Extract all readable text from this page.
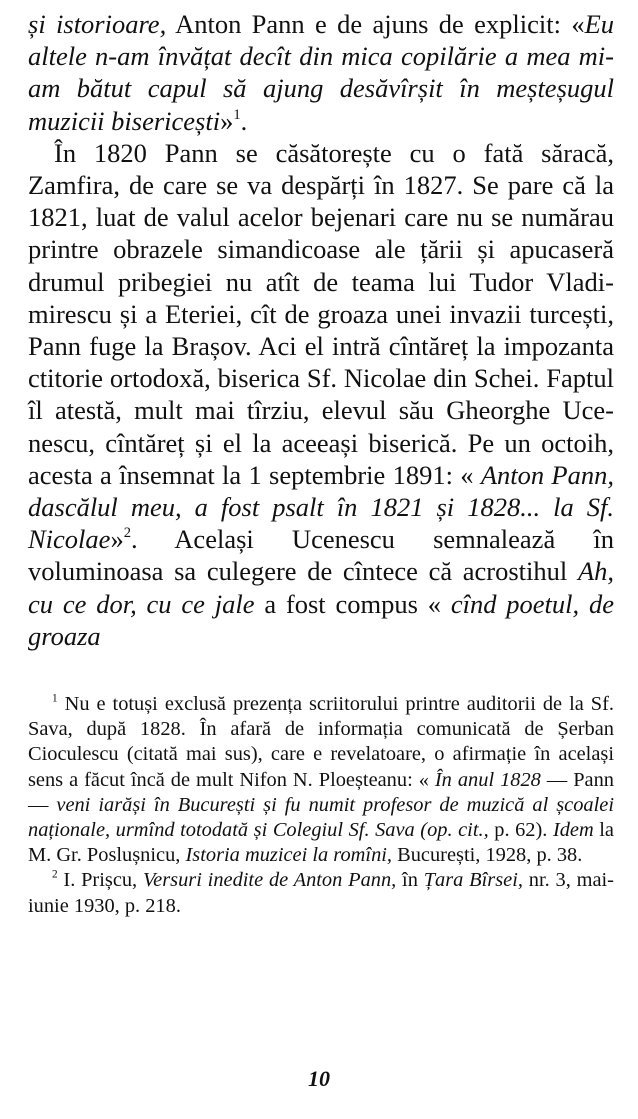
și istorioare, Anton Pann e de ajuns de explicit: «Eu altele n-am învățat decît din mica copilărie a mea mi-am bătut capul să ajung desăvîrșit în meșteșugul muzicii bisericești»$^1$.

În 1820 Pann se căsătorește cu o fată săracă, Zamfira, de care se va despărți în 1827. Se pare că la 1821, luat de valul acelor bejenari care nu se numărau printre obrazele simandicoase ale țării și apucaseră drumul pribegiei nu atît de teama lui Tudor Vladimirescu și a Eteriei, cît de groaza unei invazii turcești, Pann fuge la Brașov. Aci el intră cîntăreț la impozanta ctitorie ortodoxă, biserica Sf. Nicolae din Schei. Faptul îl atestă, mult mai tîrziu, elevul său Gheorghe Ucenescu, cîntăreț și el la aceeași biserică. Pe un octoih, acesta a însemnat la 1 septembrie 1891: « Anton Pann, dascălul meu, a fost psalt în 1821 și 1828... la Sf. Nicolae»$^2$. Același Ucenescu semnalează în voluminoasa sa culegere de cîntece că acrostihul Ah, cu ce dor, cu ce jale a fost compus « cînd poetul, de groaza

$^1$ Nu e totuși exclusă prezența scriitorului printre auditorii de la Sf. Sava, după 1828. În afară de informația comunicată de Șerban Cioculescu (citată mai sus), care e revelatoare, o afirmație în același sens a făcut încă de mult Nifon N. Ploeșteanu: « În anul 1828 — Pann — veni iarăși în București și fu numit profesor de muzică al școalei naționale, urmînd totodată și Colegiul Sf. Sava (op. cit., p. 62). Idem la M. Gr. Poslușnicu, Istoria muzicei la romîni, București, 1928, p. 38.

$^2$ I. Prișcu, Versuri inedite de Anton Pann, în Țara Bîrsei, nr. 3, mai-iunie 1930, p. 218.

10
